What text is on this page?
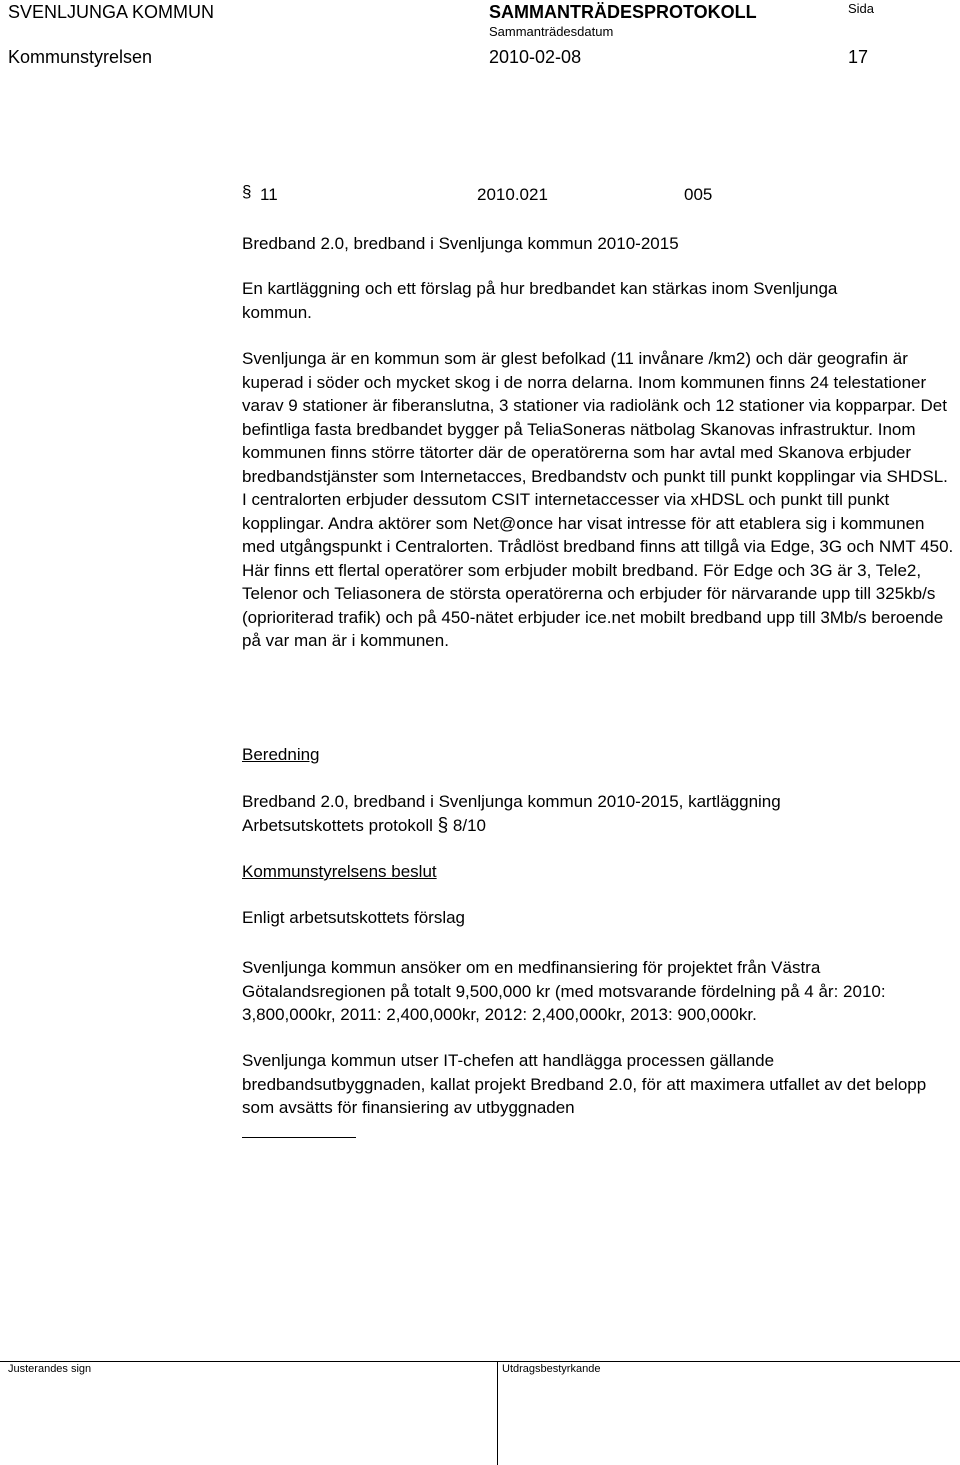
SVENLJUNGA KOMMUN	SAMMANTRÄDESPROTOKOLL
Sammanträdesdatum
Sida
Kommunstyrelsen	2010-02-08	17
§ 11	2010.021	005

Bredband 2.0, bredband i Svenljunga kommun 2010-2015

En kartläggning och ett förslag på hur bredbandet kan stärkas inom Svenljunga kommun.

Svenljunga är en kommun som är glest befolkad (11 invånare /km2) och där geografin är kuperad i söder och mycket skog i de norra delarna. Inom kommunen finns 24 telestationer varav 9 stationer är fiberanslutna, 3 stationer via radiolänk och 12 stationer via kopparpar. Det befintliga fasta bredbandet bygger på TeliaSoneras nätbolag Skanovas infrastruktur. Inom kommunen finns större tätorter där de operatörerna som har avtal med Skanova erbjuder bredbandstjänster som Internetacces, Bredbandstv och punkt till punkt kopplingar via SHDSL. I centralorten erbjuder dessutom CSIT internetaccesser via xHDSL och punkt till punkt kopplingar. Andra aktörer som Net@once har visat intresse för att etablera sig i kommunen med utgångspunkt i Centralorten. Trådlöst bredband finns att tillgå via Edge, 3G och NMT 450. Här finns ett flertal operatörer som erbjuder mobilt bredband. För Edge och 3G är 3, Tele2, Telenor och Teliasonera de största operatörerna och erbjuder för närvarande upp till 325kb/s (oprioriterad trafik) och på 450-nätet erbjuder ice.net mobilt bredband upp till 3Mb/s beroende på var man är i kommunen.

Beredning
Bredband 2.0, bredband i Svenljunga kommun 2010-2015, kartläggning
Arbetsutskottets protokoll § 8/10
Kommunstyrelsens beslut
Enligt arbetsutskottets förslag

Svenljunga kommun ansöker om en medfinansiering för projektet från Västra Götalandsregionen på totalt 9,500,000 kr (med motsvarande fördelning på 4 år: 2010: 3,800,000kr, 2011: 2,400,000kr, 2012: 2,400,000kr, 2013: 900,000kr.

Svenljunga kommun utser IT-chefen att handlägga processen gällande bredbandsutbyggnaden, kallat projekt Bredband 2.0, för att maximera utfallet av det belopp som avsätts för finansiering av utbyggnaden

Justerandes sign	Utdragsbestyrkande
